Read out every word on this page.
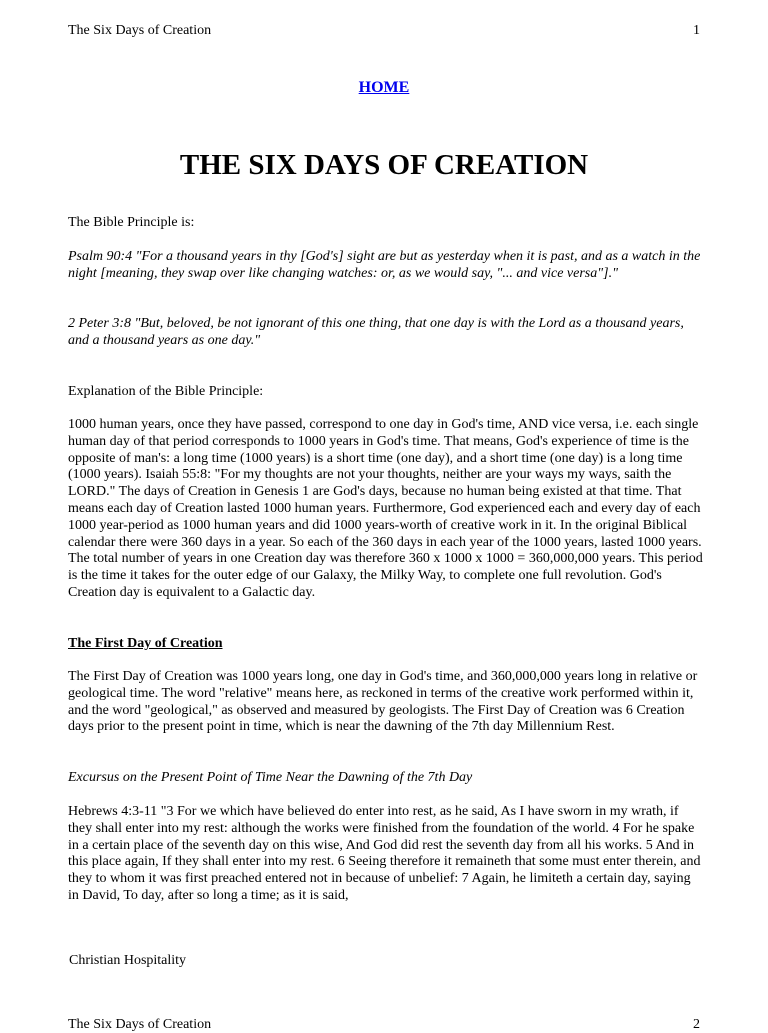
The Six Days of Creation	1
HOME
THE SIX DAYS OF CREATION

The Bible Principle is:

Psalm 90:4 "For a thousand years in thy [God's] sight are but as yesterday when it is past, and as a watch in the night [meaning, they swap over like changing watches: or, as we would say, "... and vice versa"]."

2 Peter 3:8 "But, beloved, be not ignorant of this one thing, that one day is with the Lord as a thousand years, and a thousand years as one day."

Explanation of the Bible Principle:

1000 human years, once they have passed, correspond to one day in God's time, AND vice versa, i.e. each single human day of that period corresponds to 1000 years in God's time. That means, God's experience of time is the opposite of man's: a long time (1000 years) is a short time (one day), and a short time (one day) is a long time (1000 years). Isaiah 55:8: "For my thoughts are not your thoughts, neither are your ways my ways, saith the LORD." The days of Creation in Genesis 1 are God's days, because no human being existed at that time. That means each day of Creation lasted 1000 human years. Furthermore, God experienced each and every day of each 1000 year-period as 1000 human years and did 1000 years-worth of creative work in it. In the original Biblical calendar there were 360 days in a year. So each of the 360 days in each year of the 1000 years, lasted 1000 years. The total number of years in one Creation day was therefore 360 x 1000 x 1000 = 360,000,000 years. This period is the time it takes for the outer edge of our Galaxy, the Milky Way, to complete one full revolution. God's Creation day is equivalent to a Galactic day.

The First Day of Creation

The First Day of Creation was 1000 years long, one day in God's time, and 360,000,000 years long in relative or geological time. The word "relative" means here, as reckoned in terms of the creative work performed within it, and the word "geological," as observed and measured by geologists. The First Day of Creation was 6 Creation days prior to the present point in time, which is near the dawning of the 7th day Millennium Rest.

Excursus on the Present Point of Time Near the Dawning of the 7th Day

Hebrews 4:3-11 "3 For we which have believed do enter into rest, as he said, As I have sworn in my wrath, if they shall enter into my rest: although the works were finished from the foundation of the world. 4 For he spake in a certain place of the seventh day on this wise, And God did rest the seventh day from all his works. 5 And in this place again, If they shall enter into my rest. 6 Seeing therefore it remaineth that some must enter therein, and they to whom it was first preached entered not in because of unbelief: 7 Again, he limiteth a certain day, saying in David, To day, after so long a time; as it is said,

Christian Hospitality
The Six Days of Creation	2
